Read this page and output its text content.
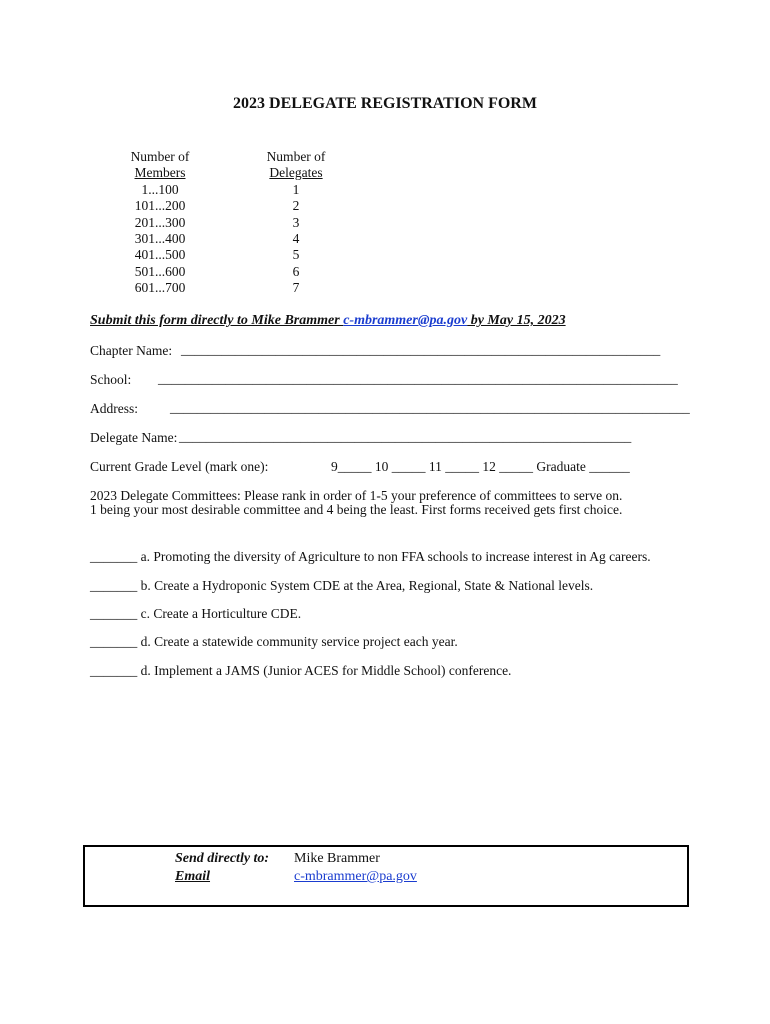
2023 DELEGATE REGISTRATION FORM
Number of
Members
1...100
101...200
201...300
301...400
401...500
501...600
601...700
Number of
Delegates
1
2
3
4
5
6
7
Submit this form directly to Mike Brammer c-mbrammer@pa.gov by May 15, 2023
Chapter Name: _______________________________________________________________________
School: _____________________________________________________________________________
Address: _____________________________________________________________________________
Delegate Name: ___________________________________________________________________
Current Grade Level (mark one):	9_____ 10 _____ 11 _____ 12 _____ Graduate ______
2023 Delegate Committees: Please rank in order of 1-5 your preference of committees to serve on.
1 being your most desirable committee and 4 being the least. First forms received gets first choice.
_______ a. Promoting the diversity of Agriculture to non FFA schools to increase interest in Ag careers.
_______ b. Create a Hydroponic System CDE at the Area, Regional, State & National levels.
_______ c. Create a Horticulture CDE.
_______ d. Create a statewide community service project each year.
_______ d. Implement a JAMS (Junior ACES for Middle School) conference.
Send directly to:
Email
Mike Brammer
c-mbrammer@pa.gov
